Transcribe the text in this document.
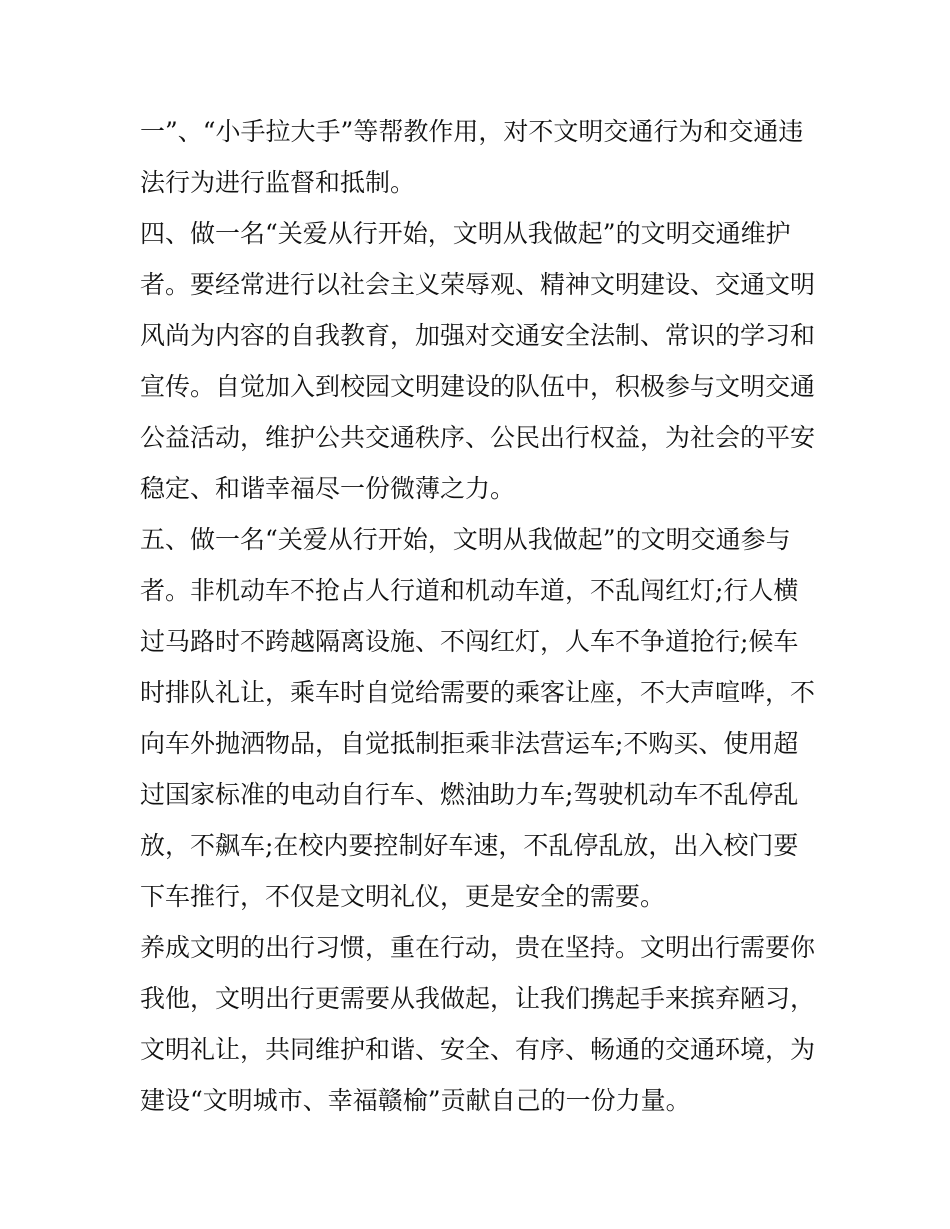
一”、“小手拉大手”等帮教作用，对不文明交通行为和交通违
法行为进行监督和抵制。
四、做一名“关爱从行开始，文明从我做起”的文明交通维护
者。要经常进行以社会主义荣辱观、精神文明建设、交通文明
风尚为内容的自我教育，加强对交通安全法制、常识的学习和
宣传。自觉加入到校园文明建设的队伍中，积极参与文明交通
公益活动，维护公共交通秩序、公民出行权益，为社会的平安
稳定、和谐幸福尽一份微薄之力。
五、做一名“关爱从行开始，文明从我做起”的文明交通参与
者。非机动车不抢占人行道和机动车道，不乱闯红灯;行人横
过马路时不跨越隔离设施、不闯红灯，人车不争道抢行;候车
时排队礼让，乘车时自觉给需要的乘客让座，不大声喧哗，不
向车外抛洒物品，自觉抵制拒乘非法营运车;不购买、使用超
过国家标准的电动自行车、燃油助力车;驾驶机动车不乱停乱
放，不飙车;在校内要控制好车速，不乱停乱放，出入校门要
下车推行，不仅是文明礼仪，更是安全的需要。
养成文明的出行习惯，重在行动，贵在坚持。文明出行需要你
我他，文明出行更需要从我做起，让我们携起手来摈弃陋习，
文明礼让，共同维护和谐、安全、有序、畅通的交通环境，为
建设“文明城市、幸福赣榆”贡献自己的一份力量。
